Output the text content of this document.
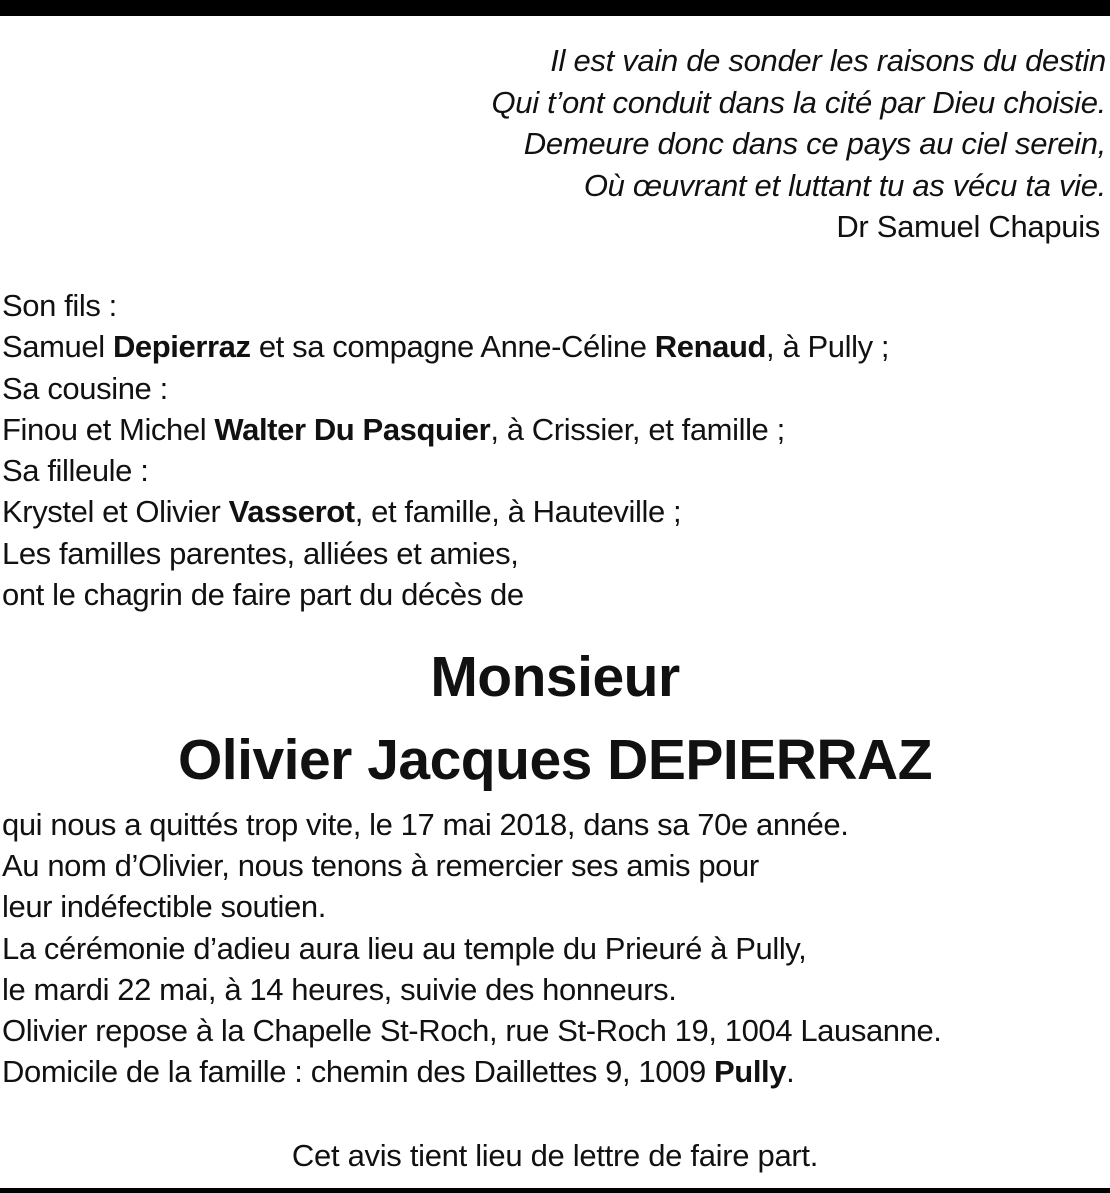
Il est vain de sonder les raisons du destin
Qui t’ont conduit dans la cité par Dieu choisie.
Demeure donc dans ce pays au ciel serein,
Où œuvrant et luttant tu as vécu ta vie.
Dr Samuel Chapuis
Son fils :
Samuel Depierraz et sa compagne Anne-Céline Renaud, à Pully ;
Sa cousine :
Finou et Michel Walter Du Pasquier, à Crissier, et famille ;
Sa filleule :
Krystel et Olivier Vasserot, et famille, à Hauteville ;
Les familles parentes, alliées et amies,
ont le chagrin de faire part du décès de
Monsieur
Olivier Jacques DEPIERRAZ
qui nous a quittés trop vite, le 17 mai 2018, dans sa 70e année.
Au nom d’Olivier, nous tenons à remercier ses amis pour
leur indéfectible soutien.
La cérémonie d’adieu aura lieu au temple du Prieuré à Pully,
le mardi 22 mai, à 14 heures, suivie des honneurs.
Olivier repose à la Chapelle St-Roch, rue St-Roch 19, 1004 Lausanne.
Domicile de la famille : chemin des Daillettes 9, 1009 Pully.
Cet avis tient lieu de lettre de faire part.
